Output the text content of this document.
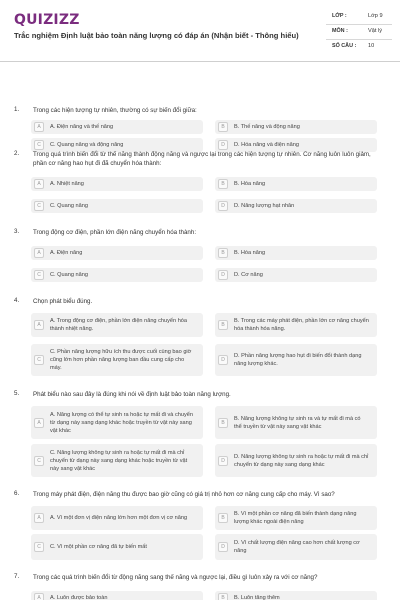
QUIZIZZ
Trắc nghiệm Định luật bảo toàn năng lượng có đáp án (Nhận biết - Thông hiểu)
LỚP :	Lớp 9
MÔN :	Vật lý
SỐ CÂU : 10
1. Trong các hiện tượng tự nhiên, thường có sự biến đổi giữa:
A	A. Điện năng và thế năng	B	B. Thế năng và động năng
C	C. Quang năng và động năng	D	D. Hóa năng và điện năng
2. Trong quá trình biến đổi từ thế năng thành động năng và ngược lại trong các hiện tượng tự nhiên. Cơ năng luôn luôn giảm, phần cơ năng hao hụt đi đã chuyển hóa thành:
A	A. Nhiệt năng	B	B. Hóa năng
C	C. Quang năng	D	D. Năng lượng hạt nhân
3. Trong động cơ điện, phần lớn điện năng chuyển hóa thành:
A	A. Điện năng	B	B. Hóa năng
C	C. Quang năng	D	D. Cơ năng
4. Chọn phát biểu đúng.
A
A. Trong động cơ điện, phần lớn điện năng chuyển hóa thành nhiệt năng.
B
B. Trong các máy phát điện, phần lớn cơ năng chuyển hóa thành hóa năng.
C
C. Phần năng lượng hữu ích thu được cuối cùng bao giờ cũng lớn hơn phần năng lượng ban đầu cung cấp cho máy.
D
D. Phần năng lượng hao hụt đi biến đổi thành dạng năng lượng khác.
5. Phát biểu nào sau đây là đúng khi nói về định luật bảo toàn năng lượng.
A
A. Năng lượng có thể tự sinh ra hoặc tự mất đi và chuyển từ dạng này sang dạng khác hoặc truyền từ vật này sang vật khác
B
B. Năng lượng không tự sinh ra và tự mất đi mà có thể truyền từ vật này sang vật khác
C
C. Năng lượng không tự sinh ra hoặc tự mất đi mà chỉ chuyển từ dạng này sang dạng khác hoặc truyền từ vật này sang vật khác
D
D. Năng lượng không tự sinh ra hoặc tự mất đi mà chỉ chuyển từ dạng này sang dạng khác
6. Trong máy phát điện, điện năng thu được bao giờ cũng có giá trị nhỏ hơn cơ năng cung cấp cho máy. Vì sao?
A	A. Vì một đơn vị điện năng lớn hơn một đơn vị cơ năng	B
B. Vì một phần cơ năng đã biến thành dạng năng lượng khác ngoài điện năng
C	C. Vì một phần cơ năng đã tự biến mất	D
D. Vì chất lượng điện năng cao hơn chất lượng cơ năng
7. Trong các quá trình biến đổi từ động năng sang thế năng và ngược lại, điều gì luôn xảy ra với cơ năng?
A	A. Luôn được bảo toàn	B	B. Luôn tăng thêm
